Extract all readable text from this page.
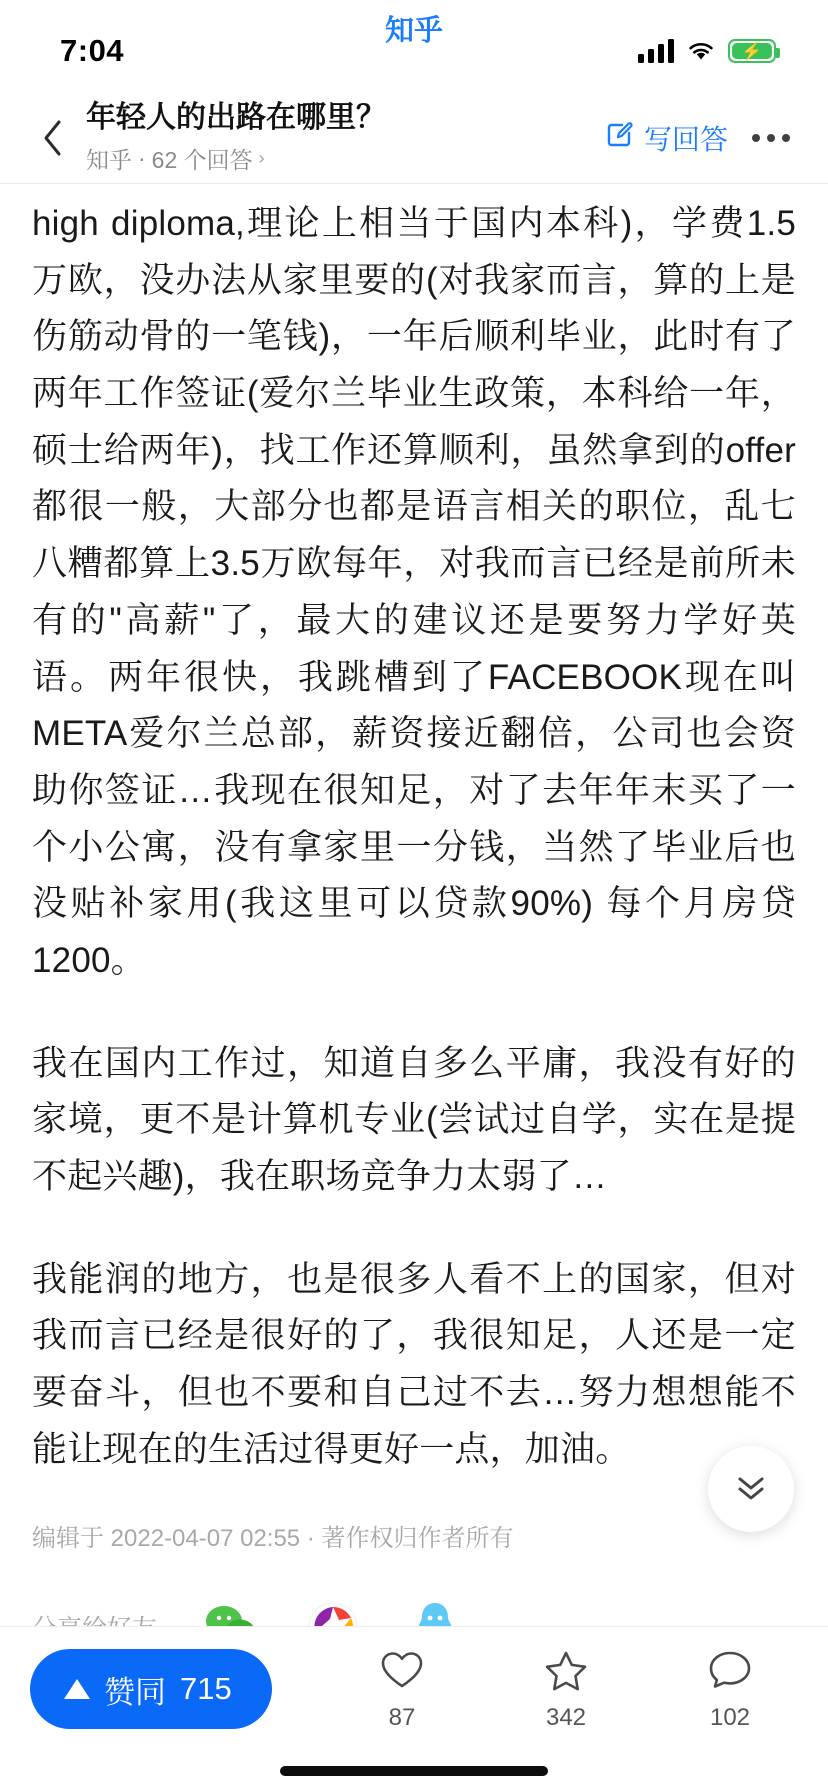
7:04
知乎
⚡
年轻人的出路在哪里？
知乎 · 62 个回答 ›
写回答
high diploma,理论上相当于国内本科)，学费1.5万欧，没办法从家里要的(对我家而言，算的上是伤筋动骨的一笔钱)，一年后顺利毕业，此时有了两年工作签证(爱尔兰毕业生政策，本科给一年，硕士给两年)，找工作还算顺利，虽然拿到的offer都很一般，大部分也都是语言相关的职位，乱七八糟都算上3.5万欧每年，对我而言已经是前所未有的"高薪"了，最大的建议还是要努力学好英语。两年很快，我跳槽到了FACEBOOK现在叫META爱尔兰总部，薪资接近翻倍，公司也会资助你签证…我现在很知足，对了去年年末买了一个小公寓，没有拿家里一分钱，当然了毕业后也没贴补家用(我这里可以贷款90%) 每个月房贷1200。
我在国内工作过，知道自多么平庸，我没有好的家境，更不是计算机专业(尝试过自学，实在是提不起兴趣)，我在职场竞争力太弱了…
我能润的地方，也是很多人看不上的国家，但对我而言已经是很好的了，我很知足，人还是一定要奋斗，但也不要和自己过不去…努力想想能不能让现在的生活过得更好一点，加油。
编辑于 2022-04-07 02:55 · 著作权归作者所有
赞同 715
87	342	102
